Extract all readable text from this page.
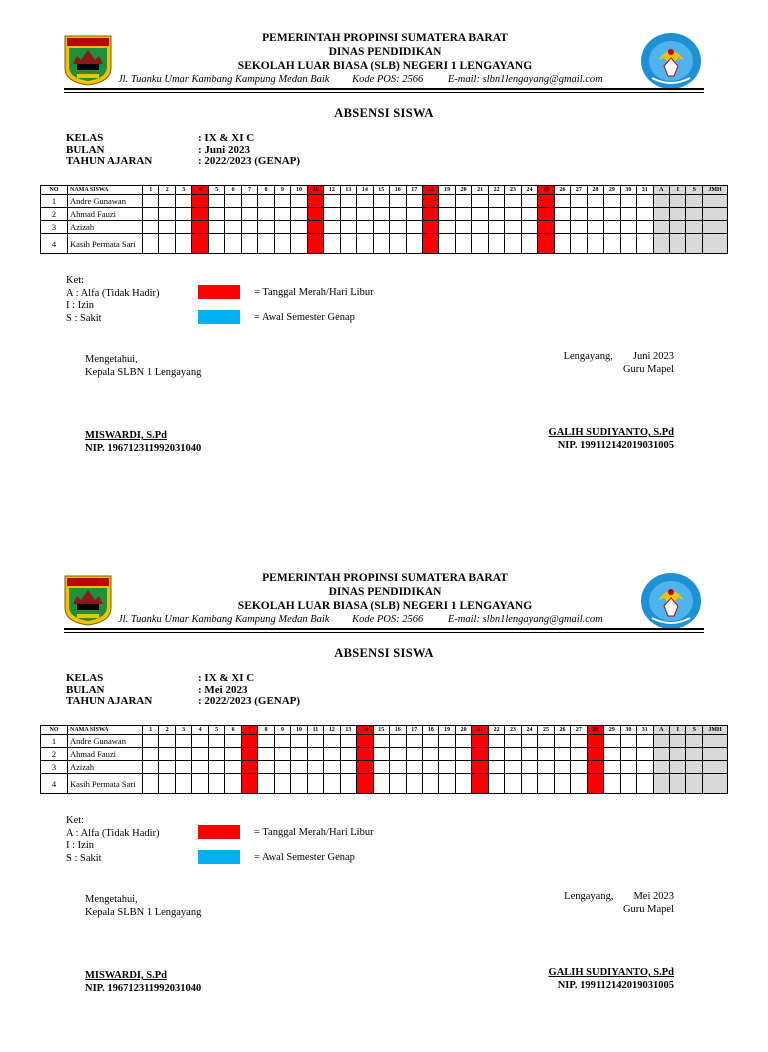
PEMERINTAH PROPINSI SUMATERA BARAT
DINAS PENDIDIKAN
SEKOLAH LUAR BIASA (SLB) NEGERI 1 LENGAYANG
Jl. Tuanku Umar Kambang Kampung Medan Baik Kode POS: 2566 E-mail: slbn1lengayang@gmail.com
ABSENSI SISWA
KELAS	: IX & XI C
BULAN	: Juni 2023
TAHUN AJARAN	: 2022/2023 (GENAP)
NO	NAMA SISWA	1	2	3	4	5	6	7	8	9	10	11	12	13	14	15	16	17	18	19	20	21	22	23	24	25	26	27	28	29	30	31	A	I	S	JMH
1	Andre Gunawan																																			
2	Ahmad Fauzi																																			
3	Azizah																																			
4	Kasih Permata Sari																																			
Ket:
A : Alfa (Tidak Hadir)
I : Izin
S : Sakit
= Tanggal Merah/Hari Libur
= Awal Semester Genap
Mengetahui,
Kepala SLBN 1 Lengayang
MISWARDI, S.Pd
NIP. 196712311992031040
Lengayang, Juni 2023
Guru Mapel
GALIH SUDIYANTO, S.Pd
NIP. 199112142019031005
PEMERINTAH PROPINSI SUMATERA BARAT
DINAS PENDIDIKAN
SEKOLAH LUAR BIASA (SLB) NEGERI 1 LENGAYANG
Jl. Tuanku Umar Kambang Kampung Medan Baik Kode POS: 2566 E-mail: slbn1lengayang@gmail.com
ABSENSI SISWA
KELAS	: IX & XI C
BULAN	: Mei 2023
TAHUN AJARAN	: 2022/2023 (GENAP)
NO	NAMA SISWA	1	2	3	4	5	6	7	8	9	10	11	12	13	14	15	16	17	18	19	20	21	22	23	24	25	26	27	28	29	30	31	A	I	S	JMH
1	Andre Gunawan																																			
2	Ahmad Fauzi																																			
3	Azizah																																			
4	Kasih Permata Sari																																			
Ket:
A : Alfa (Tidak Hadir)
I : Izin
S : Sakit
= Tanggal Merah/Hari Libur
= Awal Semester Genap
Mengetahui,
Kepala SLBN 1 Lengayang
MISWARDI, S.Pd
NIP. 196712311992031040
Lengayang, Mei 2023
Guru Mapel
GALIH SUDIYANTO, S.Pd
NIP. 199112142019031005
